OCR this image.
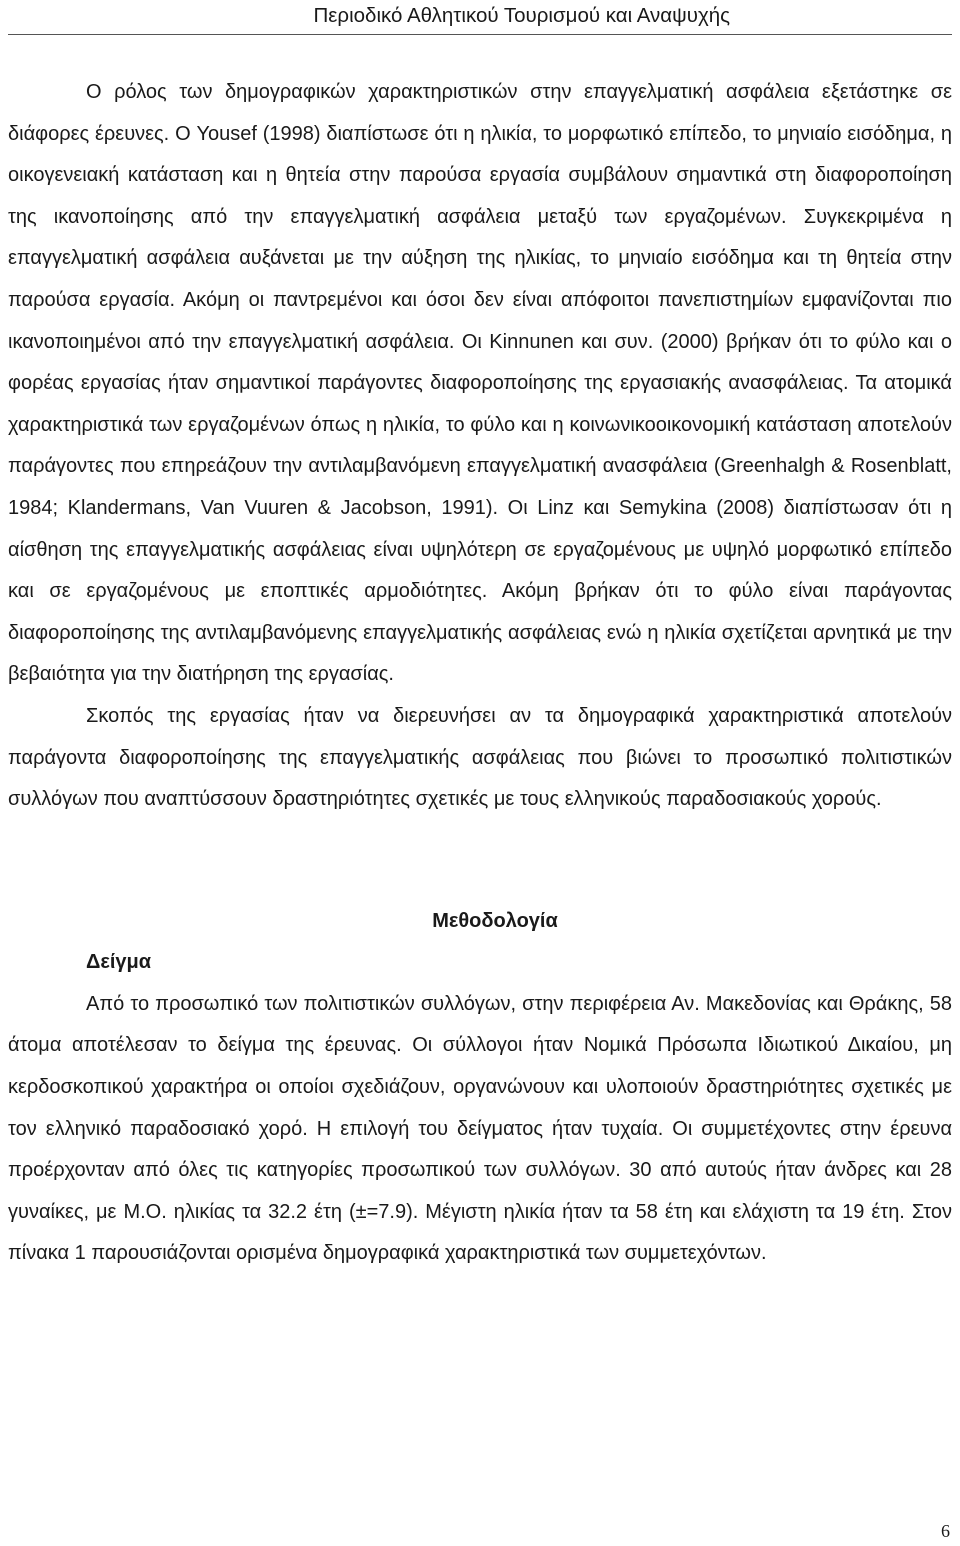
Περιοδικό Αθλητικού Τουρισμού και Αναψυχής

Ο ρόλος των δημογραφικών χαρακτηριστικών στην επαγγελματική ασφάλεια εξετάστηκε σε διάφορες έρευνες. Ο Yousef (1998) διαπίστωσε ότι η ηλικία, το μορφωτικό επίπεδο, το μηνιαίο εισόδημα, η οικογενειακή κατάσταση και η θητεία στην παρούσα εργασία συμβάλουν σημαντικά στη διαφοροποίηση της ικανοποίησης από την επαγγελματική ασφάλεια μεταξύ των εργαζομένων. Συγκεκριμένα η επαγγελματική ασφάλεια αυξάνεται με την αύξηση της ηλικίας, το μηνιαίο εισόδημα και τη θητεία στην παρούσα εργασία. Ακόμη οι παντρεμένοι και όσοι δεν είναι απόφοιτοι πανεπιστημίων εμφανίζονται πιο ικανοποιημένοι από την επαγγελματική ασφάλεια. Οι Kinnunen και συν. (2000) βρήκαν ότι το φύλο και ο φορέας εργασίας ήταν σημαντικοί παράγοντες διαφοροποίησης της εργασιακής ανασφάλειας. Τα ατομικά χαρακτηριστικά των εργαζομένων όπως η ηλικία, το φύλο και η κοινωνικοοικονομική κατάσταση αποτελούν παράγοντες που επηρεάζουν την αντιλαμβανόμενη επαγγελματική ανασφάλεια (Greenhalgh & Rosenblatt, 1984; Klandermans, Van Vuuren & Jacobson, 1991). Οι Linz και Semykina (2008) διαπίστωσαν ότι η αίσθηση της επαγγελματικής ασφάλειας είναι υψηλότερη σε εργαζομένους με υψηλό μορφωτικό επίπεδο και σε εργαζομένους με εποπτικές αρμοδιότητες. Ακόμη βρήκαν ότι το φύλο είναι παράγοντας διαφοροποίησης της αντιλαμβανόμενης επαγγελματικής ασφάλειας ενώ η ηλικία σχετίζεται αρνητικά με την βεβαιότητα για την διατήρηση της εργασίας.

Σκοπός της εργασίας ήταν να διερευνήσει αν τα δημογραφικά χαρακτηριστικά αποτελούν παράγοντα διαφοροποίησης της επαγγελματικής ασφάλειας που βιώνει το προσωπικό πολιτιστικών συλλόγων που αναπτύσσουν δραστηριότητες σχετικές με τους ελληνικούς παραδοσιακούς χορούς.

Μεθοδολογία
Δείγμα

Από το προσωπικό των πολιτιστικών συλλόγων, στην περιφέρεια Αν. Μακεδονίας και Θράκης, 58 άτομα αποτέλεσαν το δείγμα της έρευνας. Οι σύλλογοι ήταν Νομικά Πρόσωπα Ιδιωτικού Δικαίου, μη κερδοσκοπικού χαρακτήρα οι οποίοι σχεδιάζουν, οργανώνουν και υλοποιούν δραστηριότητες σχετικές με τον ελληνικό παραδοσιακό χορό. Η επιλογή του δείγματος ήταν τυχαία. Οι συμμετέχοντες στην έρευνα προέρχονταν από όλες τις κατηγορίες προσωπικού των συλλόγων. 30 από αυτούς ήταν άνδρες και 28 γυναίκες, με Μ.Ο. ηλικίας τα 32.2 έτη (±=7.9). Μέγιστη ηλικία ήταν τα 58 έτη και ελάχιστη τα 19 έτη. Στον πίνακα 1 παρουσιάζονται ορισμένα δημογραφικά χαρακτηριστικά των συμμετεχόντων.

6
